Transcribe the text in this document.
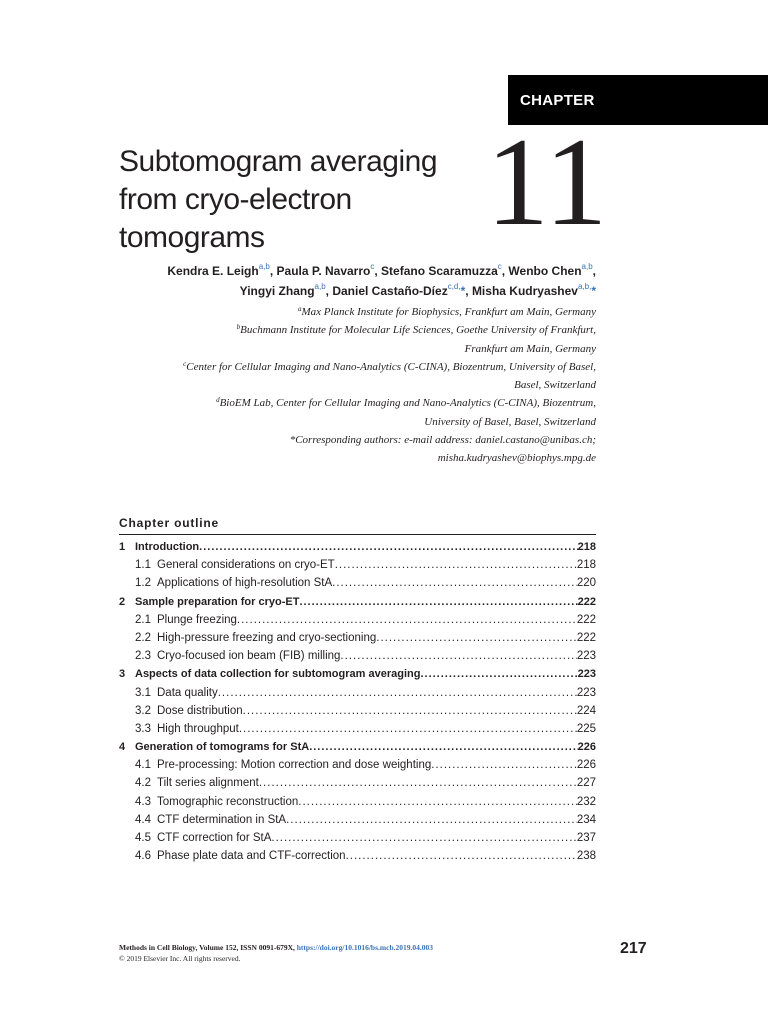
CHAPTER
Subtomogram averaging
from cryo-electron
tomograms	11
Kendra E. Leigh$^{a,b}$, Paula P. Navarro$^c$, Stefano Scaramuzza$^c$, Wenbo Chen$^{a,b}$,
Yingyi Zhang$^{a,b}$, Daniel Castaño-Díez$^{c,d,}$*, Misha Kudryashev$^{a,b,}$*
$^a$Max Planck Institute for Biophysics, Frankfurt am Main, Germany
$^b$Buchmann Institute for Molecular Life Sciences, Goethe University of Frankfurt,
Frankfurt am Main, Germany
$^c$Center for Cellular Imaging and Nano-Analytics (C-CINA), Biozentrum, University of Basel,
Basel, Switzerland
$^d$BioEM Lab, Center for Cellular Imaging and Nano-Analytics (C-CINA), Biozentrum,
University of Basel, Basel, Switzerland
*Corresponding authors: e-mail address: daniel.castano@unibas.ch;
misha.kudryashev@biophys.mpg.de
Chapter outline
1 Introduction .....	218
1.1 General considerations on cryo-ET .....	218
1.2 Applications of high-resolution StA .....	220
2 Sample preparation for cryo-ET .....	222
2.1 Plunge freezing .....	222
2.2 High-pressure freezing and cryo-sectioning .....	222
2.3 Cryo-focused ion beam (FIB) milling .....	223
3 Aspects of data collection for subtomogram averaging .....	223
3.1 Data quality .....	223
3.2 Dose distribution .....	224
3.3 High throughput .....	225
4 Generation of tomograms for StA .....	226
4.1 Pre-processing: Motion correction and dose weighting .....	226
4.2 Tilt series alignment .....	227
4.3 Tomographic reconstruction .....	232
4.4 CTF determination in StA .....	234
4.5 CTF correction for StA .....	237
4.6 Phase plate data and CTF-correction .....	238
Methods in Cell Biology, Volume 152, ISSN 0091-679X, https://doi.org/10.1016/bs.mcb.2019.04.003
© 2019 Elsevier Inc. All rights reserved.
217
